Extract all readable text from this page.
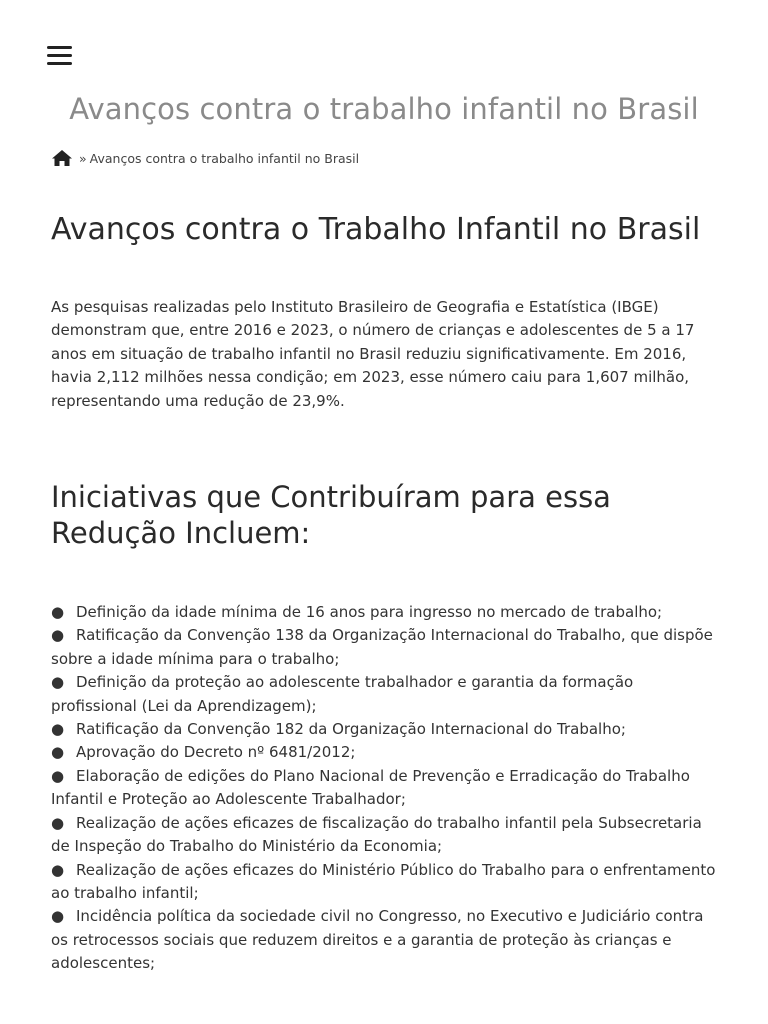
Avanços contra o trabalho infantil no Brasil
» Avanços contra o trabalho infantil no Brasil
Avanços contra o Trabalho Infantil no Brasil

As pesquisas realizadas pelo Instituto Brasileiro de Geografia e Estatística (IBGE) demonstram que, entre 2016 e 2023, o número de crianças e adolescentes de 5 a 17 anos em situação de trabalho infantil no Brasil reduziu significativamente. Em 2016, havia 2,112 milhões nessa condição; em 2023, esse número caiu para 1,607 milhão, representando uma redução de 23,9%.

Iniciativas que Contribuíram para essa Redução Incluem:
● Definição da idade mínima de 16 anos para ingresso no mercado de trabalho;
● Ratificação da Convenção 138 da Organização Internacional do Trabalho, que dispõe sobre a idade mínima para o trabalho;
● Definição da proteção ao adolescente trabalhador e garantia da formação profissional (Lei da Aprendizagem);
● Ratificação da Convenção 182 da Organização Internacional do Trabalho;
● Aprovação do Decreto nº 6481/2012;
● Elaboração de edições do Plano Nacional de Prevenção e Erradicação do Trabalho Infantil e Proteção ao Adolescente Trabalhador;
● Realização de ações eficazes de fiscalização do trabalho infantil pela Subsecretaria de Inspeção do Trabalho do Ministério da Economia;
● Realização de ações eficazes do Ministério Público do Trabalho para o enfrentamento ao trabalho infantil;
● Incidência política da sociedade civil no Congresso, no Executivo e Judiciário contra os retrocessos sociais que reduzem direitos e a garantia de proteção às crianças e adolescentes;
